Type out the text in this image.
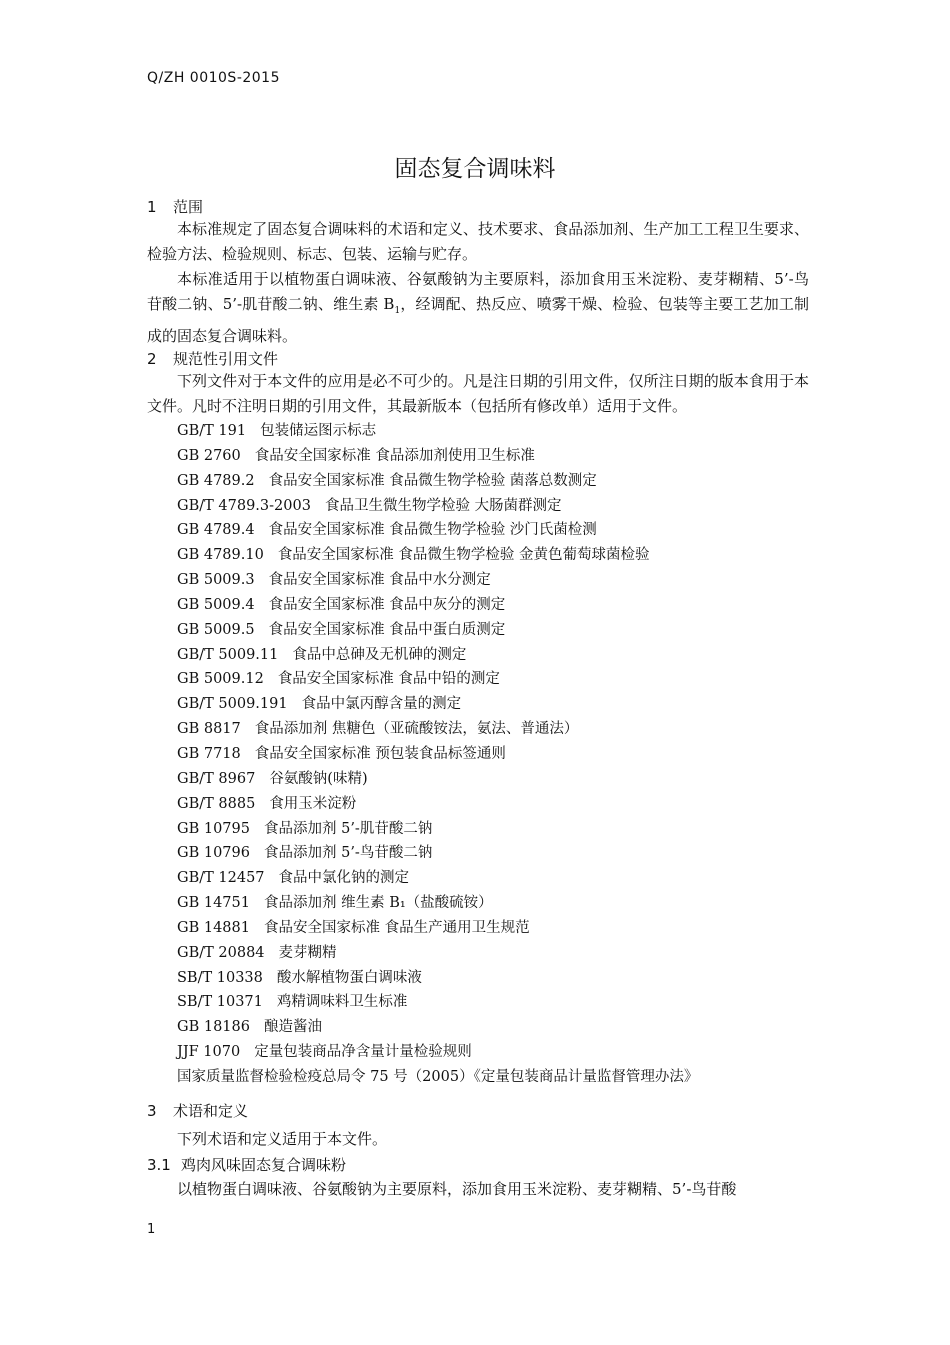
Q/ZH 0010S-2015
固态复合调味料
1 范围
本标准规定了固态复合调味料的术语和定义、技术要求、食品添加剂、生产加工工程卫生要求、检验方法、检验规则、标志、包装、运输与贮存。
本标准适用于以植物蛋白调味液、谷氨酸钠为主要原料，添加食用玉米淀粉、麦芽糊精、5’-鸟苷酸二钠、5’-肌苷酸二钠、维生素 $B_1$，经调配、热反应、喷雾干燥、检验、包装等主要工艺加工制成的固态复合调味料。
2 规范性引用文件
下列文件对于本文件的应用是必不可少的。凡是注日期的引用文件，仅所注日期的版本食用于本文件。凡时不注明日期的引用文件，其最新版本（包括所有修改单）适用于文件。
GB/T 191 包装储运图示标志
GB 2760 食品安全国家标准 食品添加剂使用卫生标准
GB 4789.2 食品安全国家标准 食品微生物学检验 菌落总数测定
GB/T 4789.3-2003 食品卫生微生物学检验 大肠菌群测定
GB 4789.4 食品安全国家标准 食品微生物学检验 沙门氏菌检测
GB 4789.10 食品安全国家标准 食品微生物学检验 金黄色葡萄球菌检验
GB 5009.3 食品安全国家标准 食品中水分测定
GB 5009.4 食品安全国家标准 食品中灰分的测定
GB 5009.5 食品安全国家标准 食品中蛋白质测定
GB/T 5009.11 食品中总砷及无机砷的测定
GB 5009.12 食品安全国家标准 食品中铅的测定
GB/T 5009.191 食品中氯丙醇含量的测定
GB 8817 食品添加剂 焦糖色（亚硫酸铵法，氨法、普通法）
GB 7718 食品安全国家标准 预包装食品标签通则
GB/T 8967 谷氨酸钠(味精)
GB/T 8885 食用玉米淀粉
GB 10795 食品添加剂 5’-肌苷酸二钠
GB 10796 食品添加剂 5’-鸟苷酸二钠
GB/T 12457 食品中氯化钠的测定
GB 14751 食品添加剂 维生素 B₁（盐酸硫铵）
GB 14881 食品安全国家标准 食品生产通用卫生规范
GB/T 20884 麦芽糊精
SB/T 10338 酸水解植物蛋白调味液
SB/T 10371 鸡精调味料卫生标准
GB 18186 酿造酱油
JJF 1070 定量包装商品净含量计量检验规则
国家质量监督检验检疫总局令 75 号（2005）《定量包装商品计量监督管理办法》
3 术语和定义
下列术语和定义适用于本文件。
3.1 鸡肉风味固态复合调味粉
以植物蛋白调味液、谷氨酸钠为主要原料，添加食用玉米淀粉、麦芽糊精、5’-鸟苷酸
1
